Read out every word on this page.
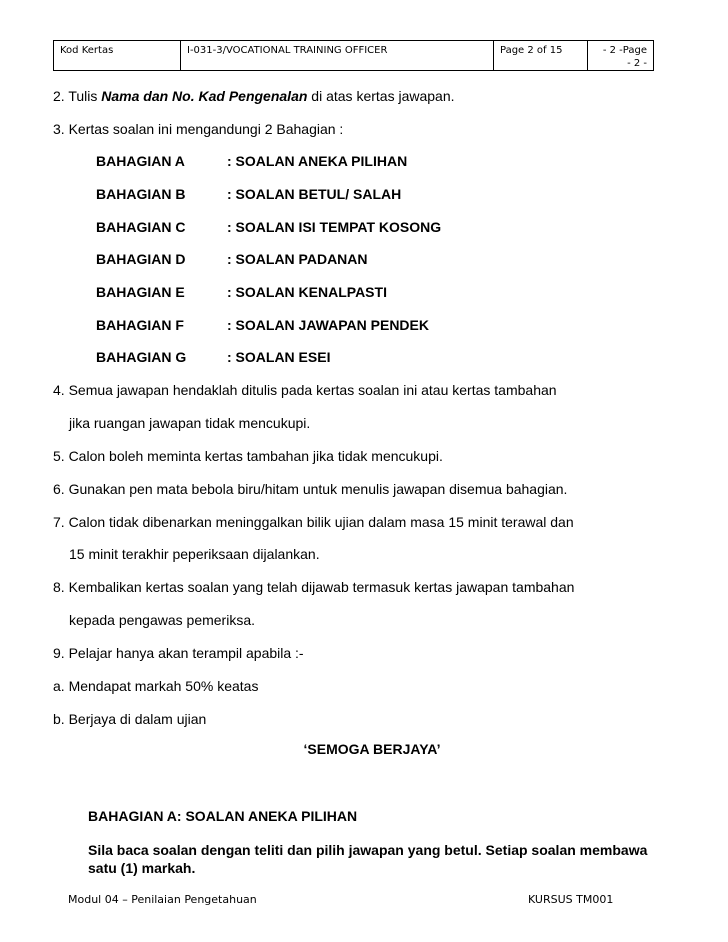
Kod Kertas	I-031-3/VOCATIONAL TRAINING OFFICER	Page 2 of 15	- 2 -Page
- 2 -
2. Tulis Nama dan No. Kad Pengenalan di atas kertas jawapan.
3. Kertas soalan ini mengandungi 2 Bahagian :
BAHAGIAN A	: SOALAN ANEKA PILIHAN
BAHAGIAN B	: SOALAN BETUL/ SALAH
BAHAGIAN C	: SOALAN ISI TEMPAT KOSONG
BAHAGIAN D	: SOALAN PADANAN
BAHAGIAN E	: SOALAN KENALPASTI
BAHAGIAN F	: SOALAN JAWAPAN PENDEK
BAHAGIAN G	: SOALAN ESEI
4. Semua jawapan hendaklah ditulis pada kertas soalan ini atau kertas tambahan
jika ruangan jawapan tidak mencukupi.
5. Calon boleh meminta kertas tambahan jika tidak mencukupi.
6. Gunakan pen mata bebola biru/hitam untuk menulis jawapan disemua bahagian.
7. Calon tidak dibenarkan meninggalkan bilik ujian dalam masa 15 minit terawal dan
15 minit terakhir peperiksaan dijalankan.
8. Kembalikan kertas soalan yang telah dijawab termasuk kertas jawapan tambahan
kepada pengawas pemeriksa.
9. Pelajar hanya akan terampil apabila :-
a. Mendapat markah 50% keatas
b. Berjaya di dalam ujian
‘SEMOGA BERJAYA’
BAHAGIAN A: SOALAN ANEKA PILIHAN
Sila baca soalan dengan teliti dan pilih jawapan yang betul. Setiap soalan membawa satu (1) markah.
Modul 04 – Penilaian Pengetahuan	KURSUS TM001
